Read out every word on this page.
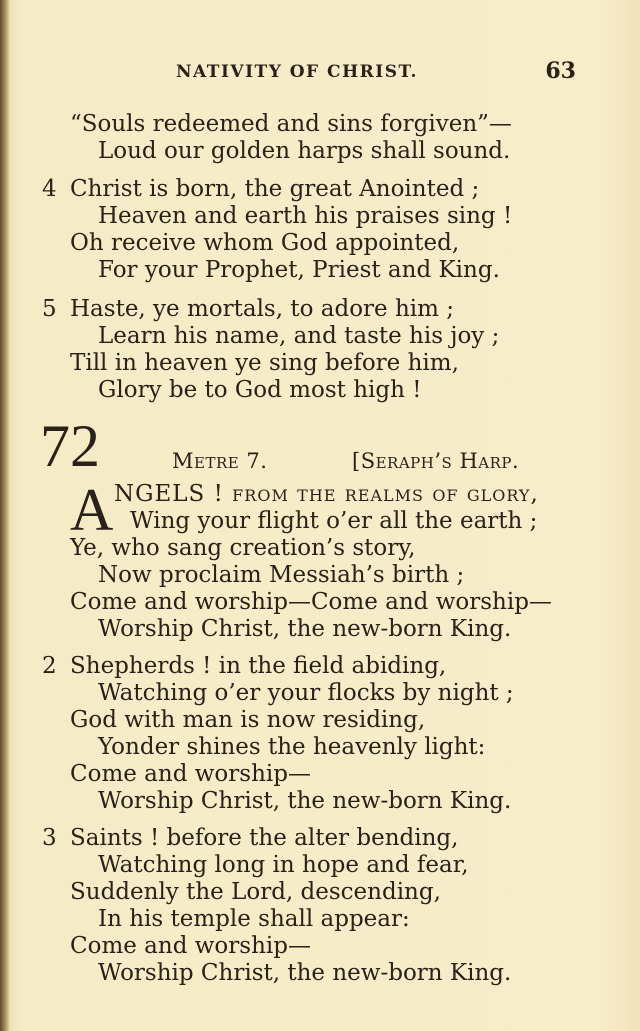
NATIVITY OF CHRIST.	63
“Souls redeemed and sins forgiven”—
Loud our golden harps shall sound.
4 Christ is born, the great Anointed ;
Heaven and earth his praises sing !
Oh receive whom God appointed,
For your Prophet, Priest and King.
5 Haste, ye mortals, to adore him ;
Learn his name, and taste his joy ;
Till in heaven ye sing before him,
Glory be to God most high !
72	Metre 7.	[Seraph’s Harp.
A NGELS ! from the realms of glory,
Wing your flight o’er all the earth ;
Ye, who sang creation’s story,
Now proclaim Messiah’s birth ;
Come and worship—Come and worship—
Worship Christ, the new-born King.
2 Shepherds ! in the field abiding,
Watching o’er your flocks by night ;
God with man is now residing,
Yonder shines the heavenly light:
Come and worship—
Worship Christ, the new-born King.
3 Saints ! before the alter bending,
Watching long in hope and fear,
Suddenly the Lord, descending,
In his temple shall appear:
Come and worship—
Worship Christ, the new-born King.
